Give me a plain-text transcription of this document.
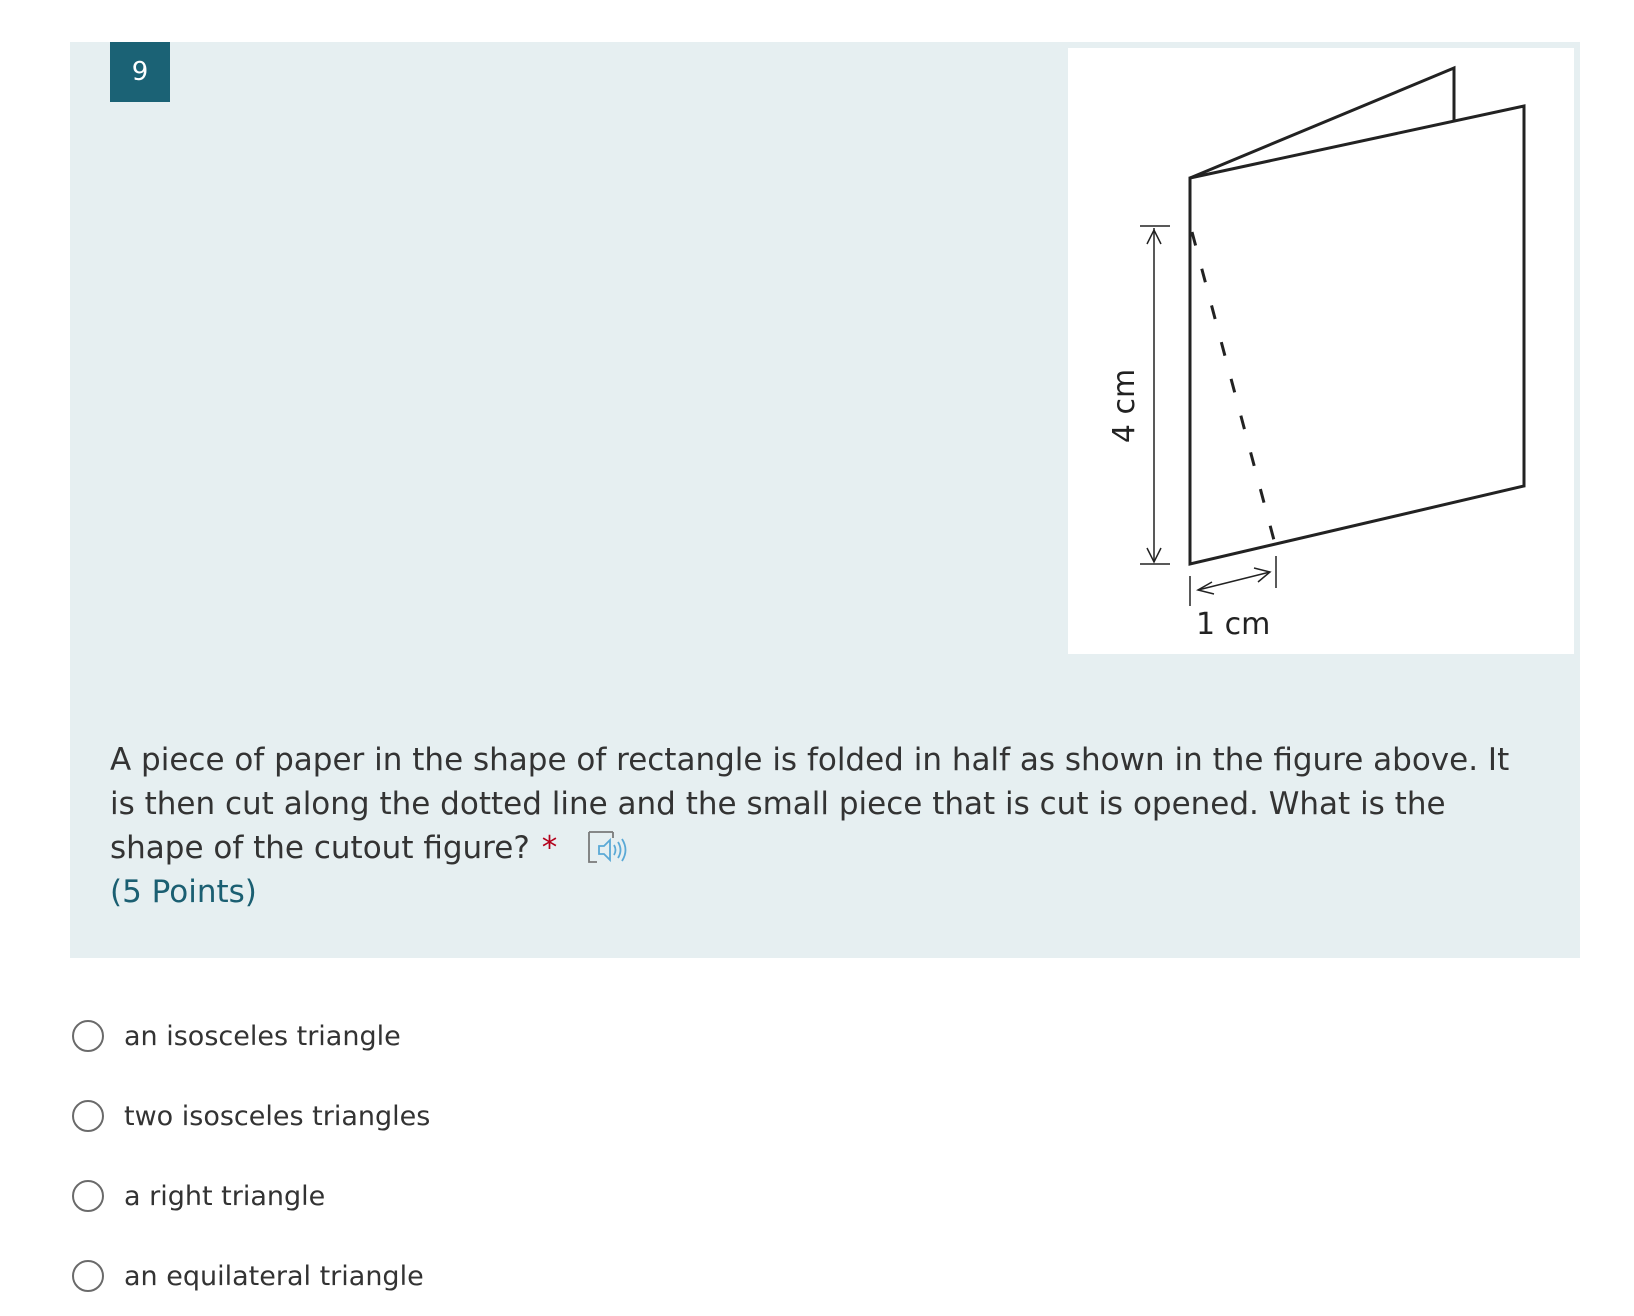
9
4 cm
1 cm
A piece of paper in the shape of rectangle is folded in half as shown in the figure above. It is then cut along the dotted line and the small piece that is cut is opened. What is the shape of the cutout figure? *
(5 Points)
an isosceles triangle
two isosceles triangles
a right triangle
an equilateral triangle
